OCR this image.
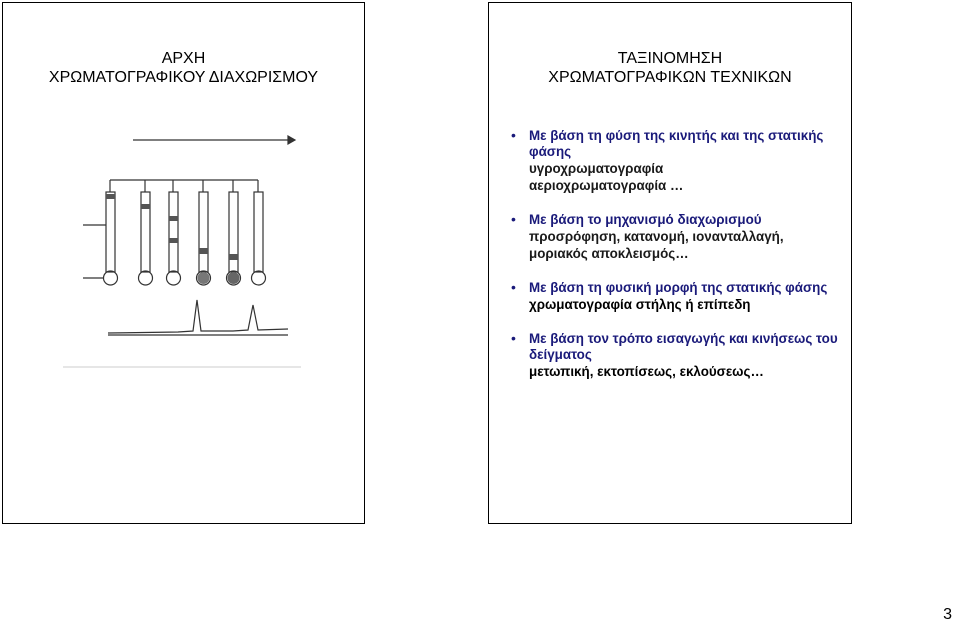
ΑΡΧΗ
ΧΡΩΜΑΤΟΓΡΑΦΙΚΟΥ ΔΙΑΧΩΡΙΣΜΟΥ
ΤΑΞΙΝΟΜΗΣΗ
ΧΡΩΜΑΤΟΓΡΑΦΙΚΩΝ ΤΕΧΝΙΚΩΝ
• Με βάση τη φύση της κινητής και της στατικής φάσης
υγροχρωματογραφία
αεριοχρωματογραφία …
• Με βάση το μηχανισμό διαχωρισμού
προσρόφηση, κατανομή, ιονανταλλαγή, μοριακός αποκλεισμός…
• Με βάση τη φυσική μορφή της στατικής φάσης
χρωματογραφία στήλης ή επίπεδη
• Με βάση τον τρόπο εισαγωγής και κινήσεως του δείγματος
μετωπική, εκτοπίσεως, εκλούσεως…
3
